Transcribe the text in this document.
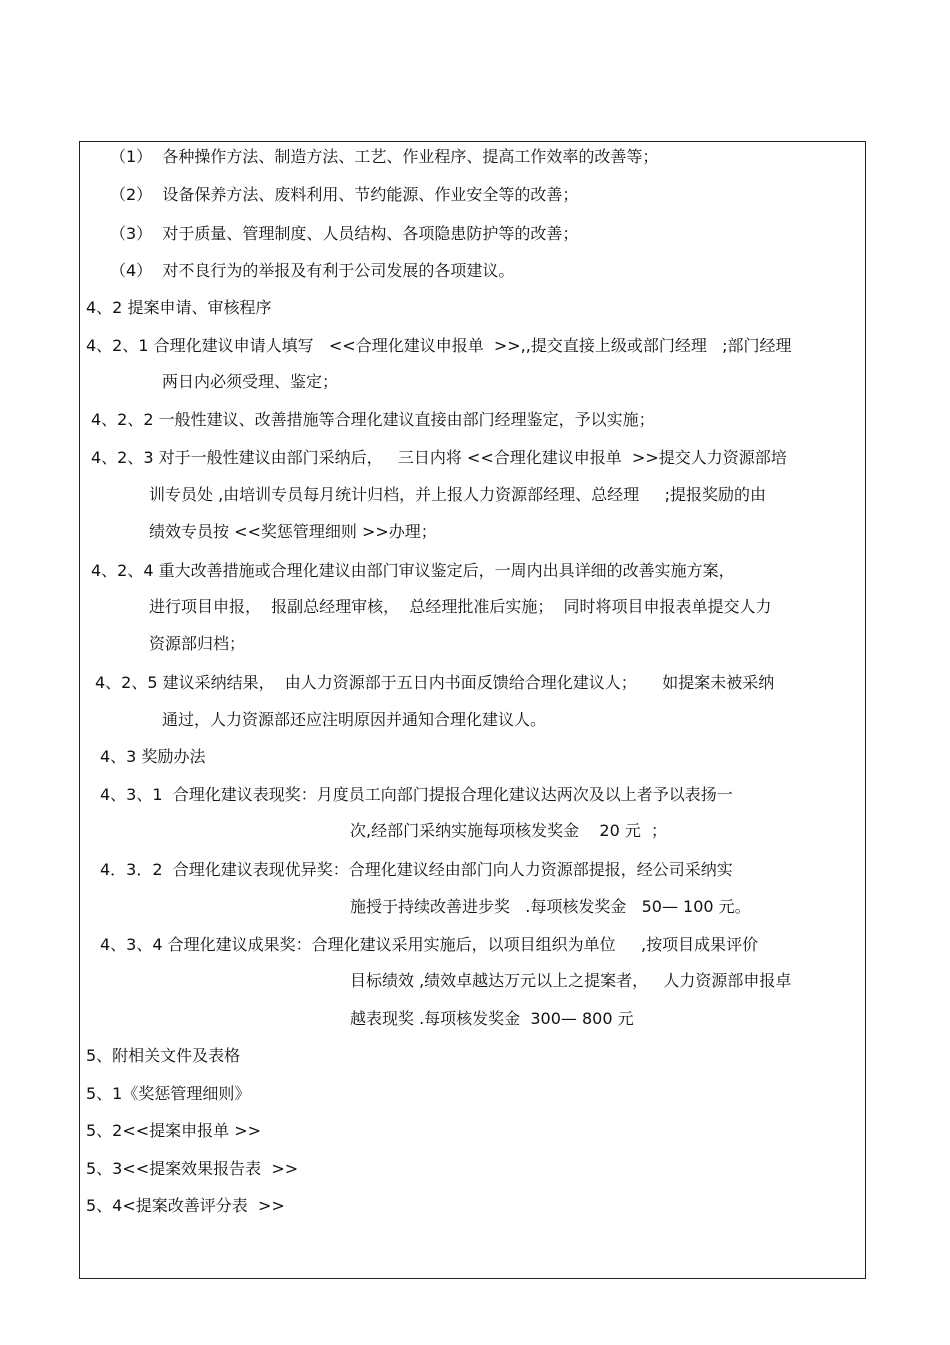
（1）  各种操作方法、制造方法、工艺、作业程序、提高工作效率的改善等；
（2）  设备保养方法、废料利用、节约能源、作业安全等的改善；
（3）  对于质量、管理制度、人员结构、各项隐患防护等的改善；
（4）  对不良行为的举报及有利于公司发展的各项建议。
4、2 提案申请、审核程序
4、2、1 合理化建议申请人填写   <<合理化建议申报单  >>,,提交直接上级或部门经理   ;部门经理
两日内必须受理、鉴定；
4、2、2 一般性建议、改善措施等合理化建议直接由部门经理鉴定，予以实施；
4、2、3 对于一般性建议由部门采纳后，   三日内将 <<合理化建议申报单  >>提交人力资源部培
训专员处 ,由培训专员每月统计归档，并上报人力资源部经理、总经理     ;提报奖励的由
绩效专员按 <<奖惩管理细则 >>办理；
4、2、4 重大改善措施或合理化建议由部门审议鉴定后，一周内出具详细的改善实施方案，
进行项目申报，  报副总经理审核，  总经理批准后实施；  同时将项目申报表单提交人力
资源部归档；
4、2、5 建议采纳结果，  由人力资源部于五日内书面反馈给合理化建议人；     如提案未被采纳
通过，人力资源部还应注明原因并通知合理化建议人。
4、3 奖励办法
4、3、1  合理化建议表现奖：月度员工向部门提报合理化建议达两次及以上者予以表扬一
次,经部门采纳实施每项核发奖金    20 元  ；
4．3．2  合理化建议表现优异奖：合理化建议经由部门向人力资源部提报，经公司采纳实
施授于持续改善进步奖   .每项核发奖金   50— 100 元。
4、3、4 合理化建议成果奖：合理化建议采用实施后，以项目组织为单位     ,按项目成果评价
目标绩效 ,绩效卓越达万元以上之提案者，   人力资源部申报卓
越表现奖 .每项核发奖金  300— 800 元
5、附相关文件及表格
5、1《奖惩管理细则》
5、2<<提案申报单 >>
5、3<<提案效果报告表  >>
5、4<提案改善评分表  >>
